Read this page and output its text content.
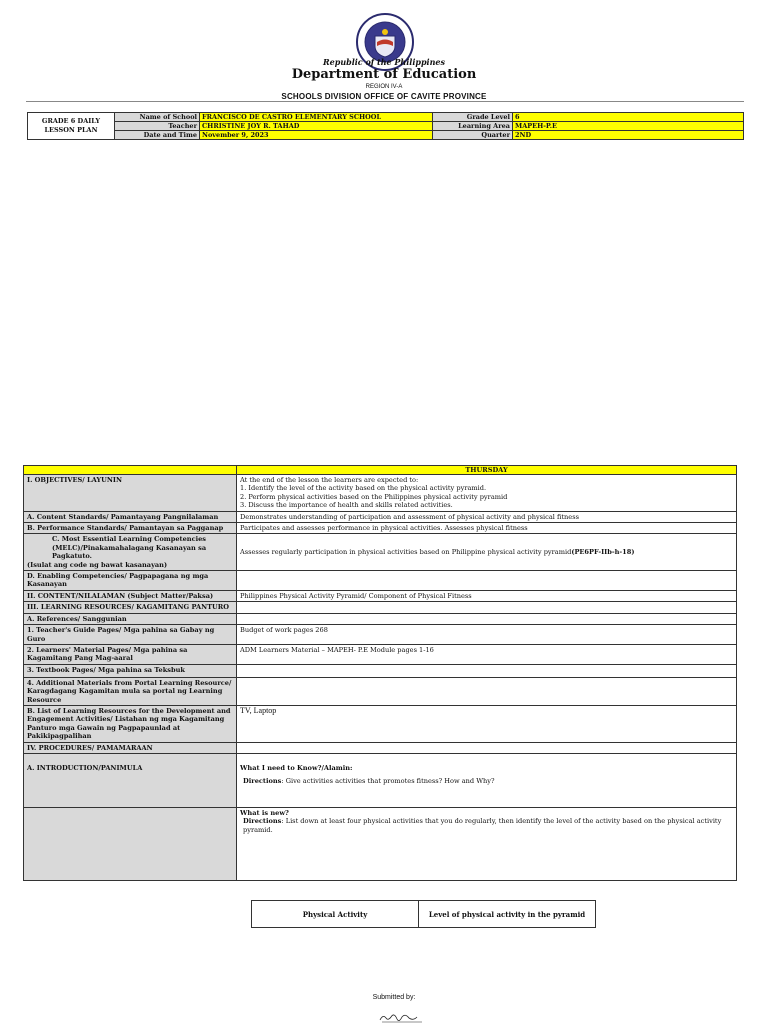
Republic of the Philippines
Department of Education
REGION IV-A
SCHOOLS DIVISION OFFICE OF CAVITE PROVINCE
GRADE 6 DAILY LESSON PLAN	Name of School	FRANCISCO DE CASTRO ELEMENTARY SCHOOL	Grade Level	6
	Teacher	CHRISTINE JOY R. TAHAD	Learning Area	MAPEH-P.E
	Date and Time	November 9, 2023	Quarter	2ND
	THURSDAY
I. OBJECTIVES/ LAYUNIN	At the end of the lesson the learners are expected to:
1. Identify the level of the activity based on the physical activity pyramid.
2. Perform physical activities based on the Philippines physical activity pyramid
3. Discuss the importance of health and skills related activities.

A. Content Standards/ Pamantayang Pangnilalaman	Demonstrates understanding of participation and assessment of physical activity and physical fitness
B. Performance Standards/ Pamantayan sa Pagganap	Participates and assesses performance in physical activities. Assesses physical fitness

C. Most Essential Learning Competencies (MELC)/Pinakamahalagang Kasanayan sa Pagkatuto.
(Isulat ang code ng bawat kasanayan)	Assesses regularly participation in physical activities based on Philippine physical activity pyramid(PE6PF-IIb-h-18)
D. Enabling Competencies/ Pagpapagana ng mga Kasanayan	
II. CONTENT/NILALAMAN (Subject Matter/Paksa)	Philippines Physical Activity Pyramid/ Component of Physical Fitness
III. LEARNING RESOURCES/ KAGAMITANG PANTURO	
A. References/ Sanggunian	
1. Teacher's Guide Pages/ Mga pahina sa Gabay ng Guro	Budget of work pages 268
2. Learners' Material Pages/ Mga pahina sa Kagamitang Pang Mag-aaral	ADM Learners Material – MAPEH- P.E Module pages 1-16
3. Textbook Pages/ Mga pahina sa Teksbuk	
4. Additional Materials from Portal Learning Resource/ Karagdagang Kagamitan mula sa portal ng Learning Resource	
B. List of Learning Resources for the Development and Engagement Activities/ Listahan ng mga Kagamitang Panturo mga Gawain ng Pagpapaunlad at Pakikipagpalihan	TV, Laptop
IV. PROCEDURES/ PAMAMARAAN	
A. INTRODUCTION/PANIMULA	What I need to Know?/Alamin:
Directions: Give activities activities that promotes fitness? How and Why?

	What is new?
Directions: List down at least four physical activities that you do regularly, then identify the level of the activity based on the physical activity pyramid.
Physical Activity	Level of physical activity in the pyramid
Submitted by:
